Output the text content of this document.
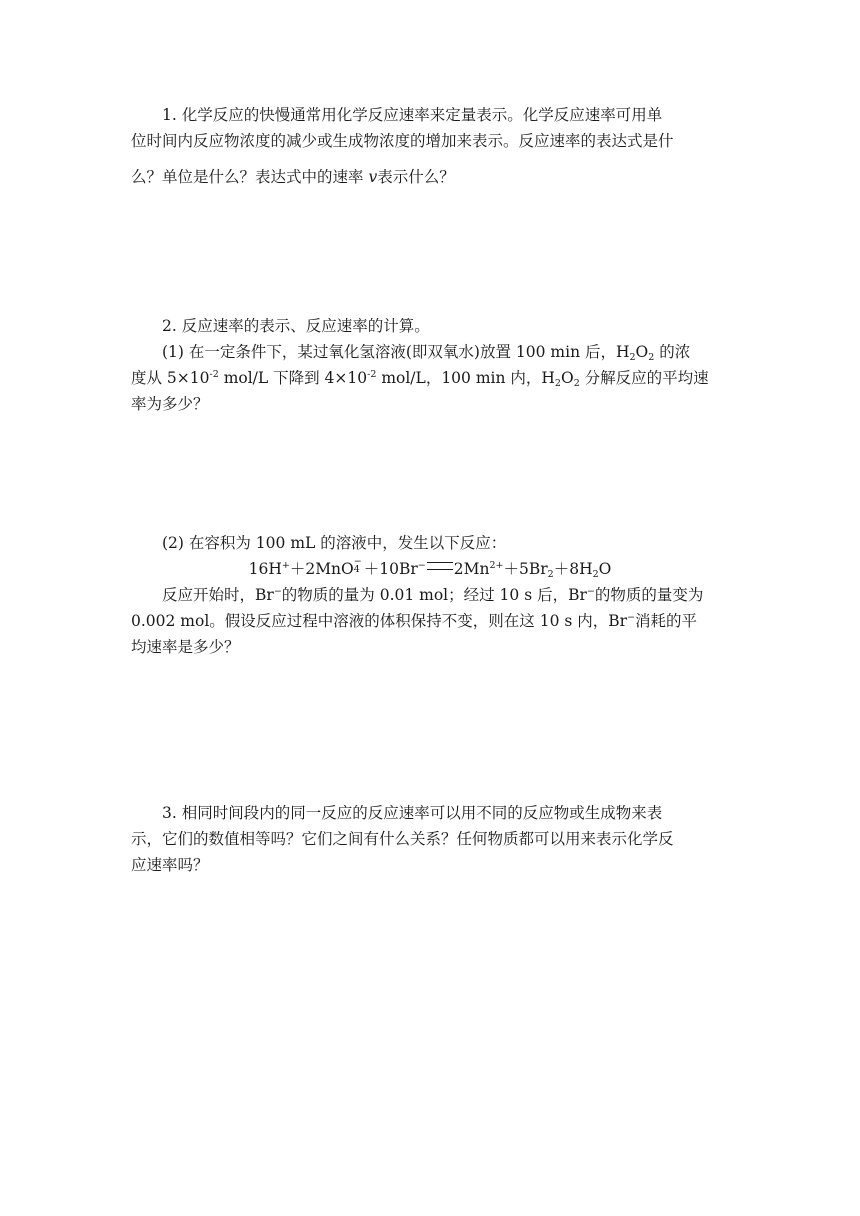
1. 化学反应的快慢通常用化学反应速率来定量表示。化学反应速率可用单
位时间内反应物浓度的减少或生成物浓度的增加来表示。反应速率的表达式是什
么？单位是什么？表达式中的速率 v表示什么？
2. 反应速率的表示、反应速率的计算。
(1) 在一定条件下，某过氧化氢溶液(即双氧水)放置 100 min 后，$H_2O_2$ 的浓
度从 $5\times 10^{-2}$ mol/L 下降到 $4\times 10^{-2}$ mol/L，100 min 内，$H_2O_2$ 分解反应的平均速
率为多少？
(2) 在容积为 100 mL 的溶液中，发生以下反应：
16H+＋2MnO −
4 ＋10Br− $2Mn^{2+}+5Br_2+8H_2O$
反应开始时，Br−的物质的量为 0.01 mol；经过 10 s 后，Br−的物质的量变为
0.002 mol。假设反应过程中溶液的体积保持不变，则在这 10 s 内，Br−消耗的平
均速率是多少？
3. 相同时间段内的同一反应的反应速率可以用不同的反应物或生成物来表
示，它们的数值相等吗？它们之间有什么关系？任何物质都可以用来表示化学反
应速率吗？
